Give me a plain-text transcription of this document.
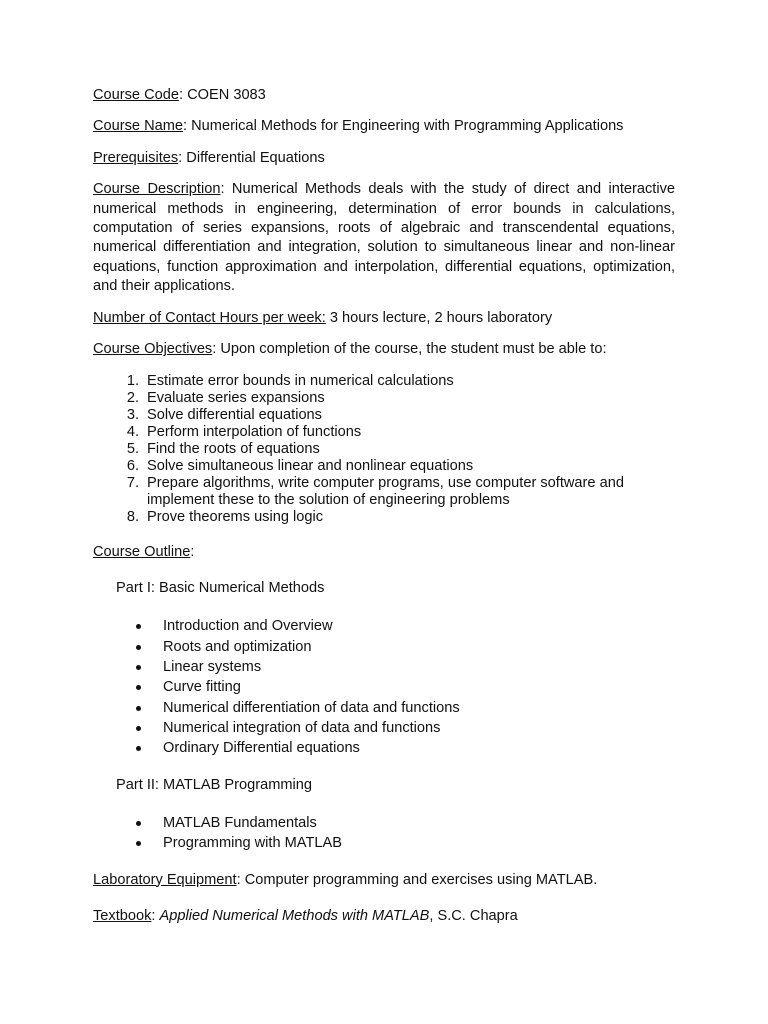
Course Code: COEN 3083

Course Name: Numerical Methods for Engineering with Programming Applications

Prerequisites: Differential Equations

Course Description: Numerical Methods deals with the study of direct and interactive numerical methods in engineering, determination of error bounds in calculations, computation of series expansions, roots of algebraic and transcendental equations, numerical differentiation and integration, solution to simultaneous linear and non-linear equations, function approximation and interpolation, differential equations, optimization, and their applications.

Number of Contact Hours per week: 3 hours lecture, 2 hours laboratory

Course Objectives: Upon completion of the course, the student must be able to:

1. Estimate error bounds in numerical calculations
2. Evaluate series expansions
3. Solve differential equations
4. Perform interpolation of functions
5. Find the roots of equations
6. Solve simultaneous linear and nonlinear equations
7. Prepare algorithms, write computer programs, use computer software and implement these to the solution of engineering problems
8. Prove theorems using logic

Course Outline:

Part I: Basic Numerical Methods

Introduction and Overview
Roots and optimization
Linear systems
Curve fitting
Numerical differentiation of data and functions
Numerical integration of data and functions
Ordinary Differential equations

Part II: MATLAB Programming

MATLAB Fundamentals
Programming with MATLAB

Laboratory Equipment: Computer programming and exercises using MATLAB.

Textbook: Applied Numerical Methods with MATLAB, S.C. Chapra
